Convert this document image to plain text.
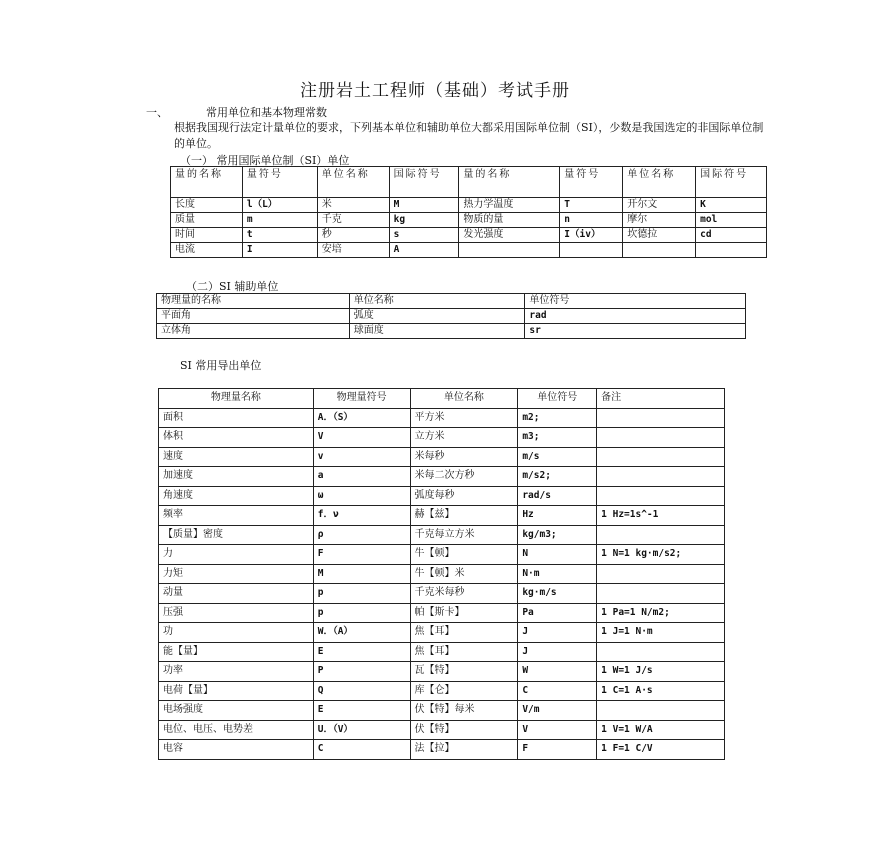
注册岩土工程师（基础）考试手册
一、	常用单位和基本物理常数
根据我国现行法定计量单位的要求，下列基本单位和辅助单位大都采用国际单位制（SI），少数是我国选定的非国际单位制的单位。
（一） 常用国际单位制（SI）单位
量的名称	量符号	单位名称	国际符号	量的名称	量符号	单位名称	国际符号
长度	l（L）	米	M	热力学温度	T	开尔文	K
质量	m	千克	kg	物质的量	n	摩尔	mol
时间	t	秒	s	发光强度	I（iv）	坎德拉	cd
电流	I	安培	A				
（二）SI 辅助单位
物理量的名称	单位名称	单位符号
平面角	弧度	rad
立体角	球面度	sr
SI 常用导出单位
物理量名称	物理量符号	单位名称	单位符号	备注
面积	A．（S）	平方米	m2;	
体积	V	立方米	m3;	
速度	v	米每秒	m/s	
加速度	a	米每二次方秒	m/s2;	
角速度	ω	弧度每秒	rad/s	
频率	f．ν	赫【兹】	Hz	1 Hz=1s^-1
【质量】密度	ρ	千克每立方米	kg/m3;	
力	F	牛【顿】	N	1 N=1 kg·m/s2;
力矩	M	牛【顿】米	N·m	
动量	p	千克米每秒	kg·m/s	
压强	p	帕【斯卡】	Pa	1 Pa=1 N/m2;
功	W．（A）	焦【耳】	J	1 J=1 N·m
能【量】	E	焦【耳】	J	
功率	P	瓦【特】	W	1 W=1 J/s
电荷【量】	Q	库【仑】	C	1 C=1 A·s
电场强度	E	伏【特】每米	V/m	
电位、电压、电势差	U．（V）	伏【特】	V	1 V=1 W/A
电容	C	法【拉】	F	1 F=1 C/V
